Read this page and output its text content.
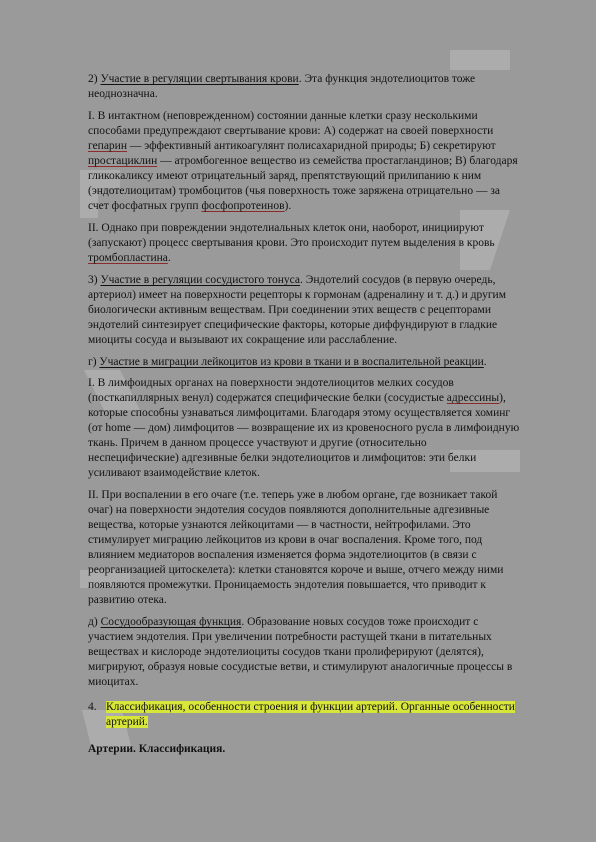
2) Участие в регуляции свертывания крови. Эта функция эндотелиоцитов тоже неоднозначна.

I. В интактном (неповрежденном) состоянии данные клетки сразу несколькими способами предупреждают свертывание крови: А) содержат на своей поверхности гепарин — эффективный антикоагулянт полисахаридной природы; Б) секретируют простациклин — атромбогенное вещество из семейства простагландинов; В) благодаря гликокаликсу имеют отрицательный заряд, препятствующий прилипанию к ним (эндотелиоцитам) тромбоцитов (чья поверхность тоже заряжена отрицательно — за счет фосфатных групп фосфопротеинов).

II. Однако при повреждении эндотелиальных клеток они, наоборот, инициируют (запускают) процесс свертывания крови. Это происходит путем выделения в кровь тромбопластина.

3) Участие в регуляции сосудистого тонуса. Эндотелий сосудов (в первую очередь, артериол) имеет на поверхности рецепторы к гормонам (адреналину и т. д.) и другим биологически активным веществам. При соединении этих веществ с рецепторами эндотелий синтезирует специфические факторы, которые диффундируют в гладкие миоциты сосуда и вызывают их сокращение или расслабление.

г) Участие в миграции лейкоцитов из крови в ткани и в воспалительной реакции.

I. В лимфоидных органах на поверхности эндотелиоцитов мелких сосудов (посткапиллярных венул) содержатся специфические белки (сосудистые адрессины), которые способны узнаваться лимфоцитами. Благодаря этому осуществляется хоминг (от home — дом) лимфоцитов — возвращение их из кровеносного русла в лимфоидную ткань. Причем в данном процессе участвуют и другие (относительно неспецифические) адгезивные белки эндотелиоцитов и лимфоцитов: эти белки усиливают взаимодействие клеток.

II. При воспалении в его очаге (т.е. теперь уже в любом органе, где возникает такой очаг) на поверхности эндотелия сосудов появляются дополнительные адгезивные вещества, которые узнаются лейкоцитами — в частности, нейтрофилами. Это стимулирует миграцию лейкоцитов из крови в очаг воспаления. Кроме того, под влиянием медиаторов воспаления изменяется форма эндотелиоцитов (в связи с реорганизацией цитоскелета): клетки становятся короче и выше, отчего между ними появляются промежутки. Проницаемость эндотелия повышается, что приводит к развитию отека.

д) Сосудообразующая функция. Образование новых сосудов тоже происходит с участием эндотелия. При увеличении потребности растущей ткани в питательных веществах и кислороде эндотелиоциты сосудов ткани пролиферируют (делятся), мигрируют, образуя новые сосудистые ветви, и стимулируют аналогичные процессы в миоцитах.

4. Классификация, особенности строения и функции артерий. Органные особенности артерий.
Артерии. Классификация.
